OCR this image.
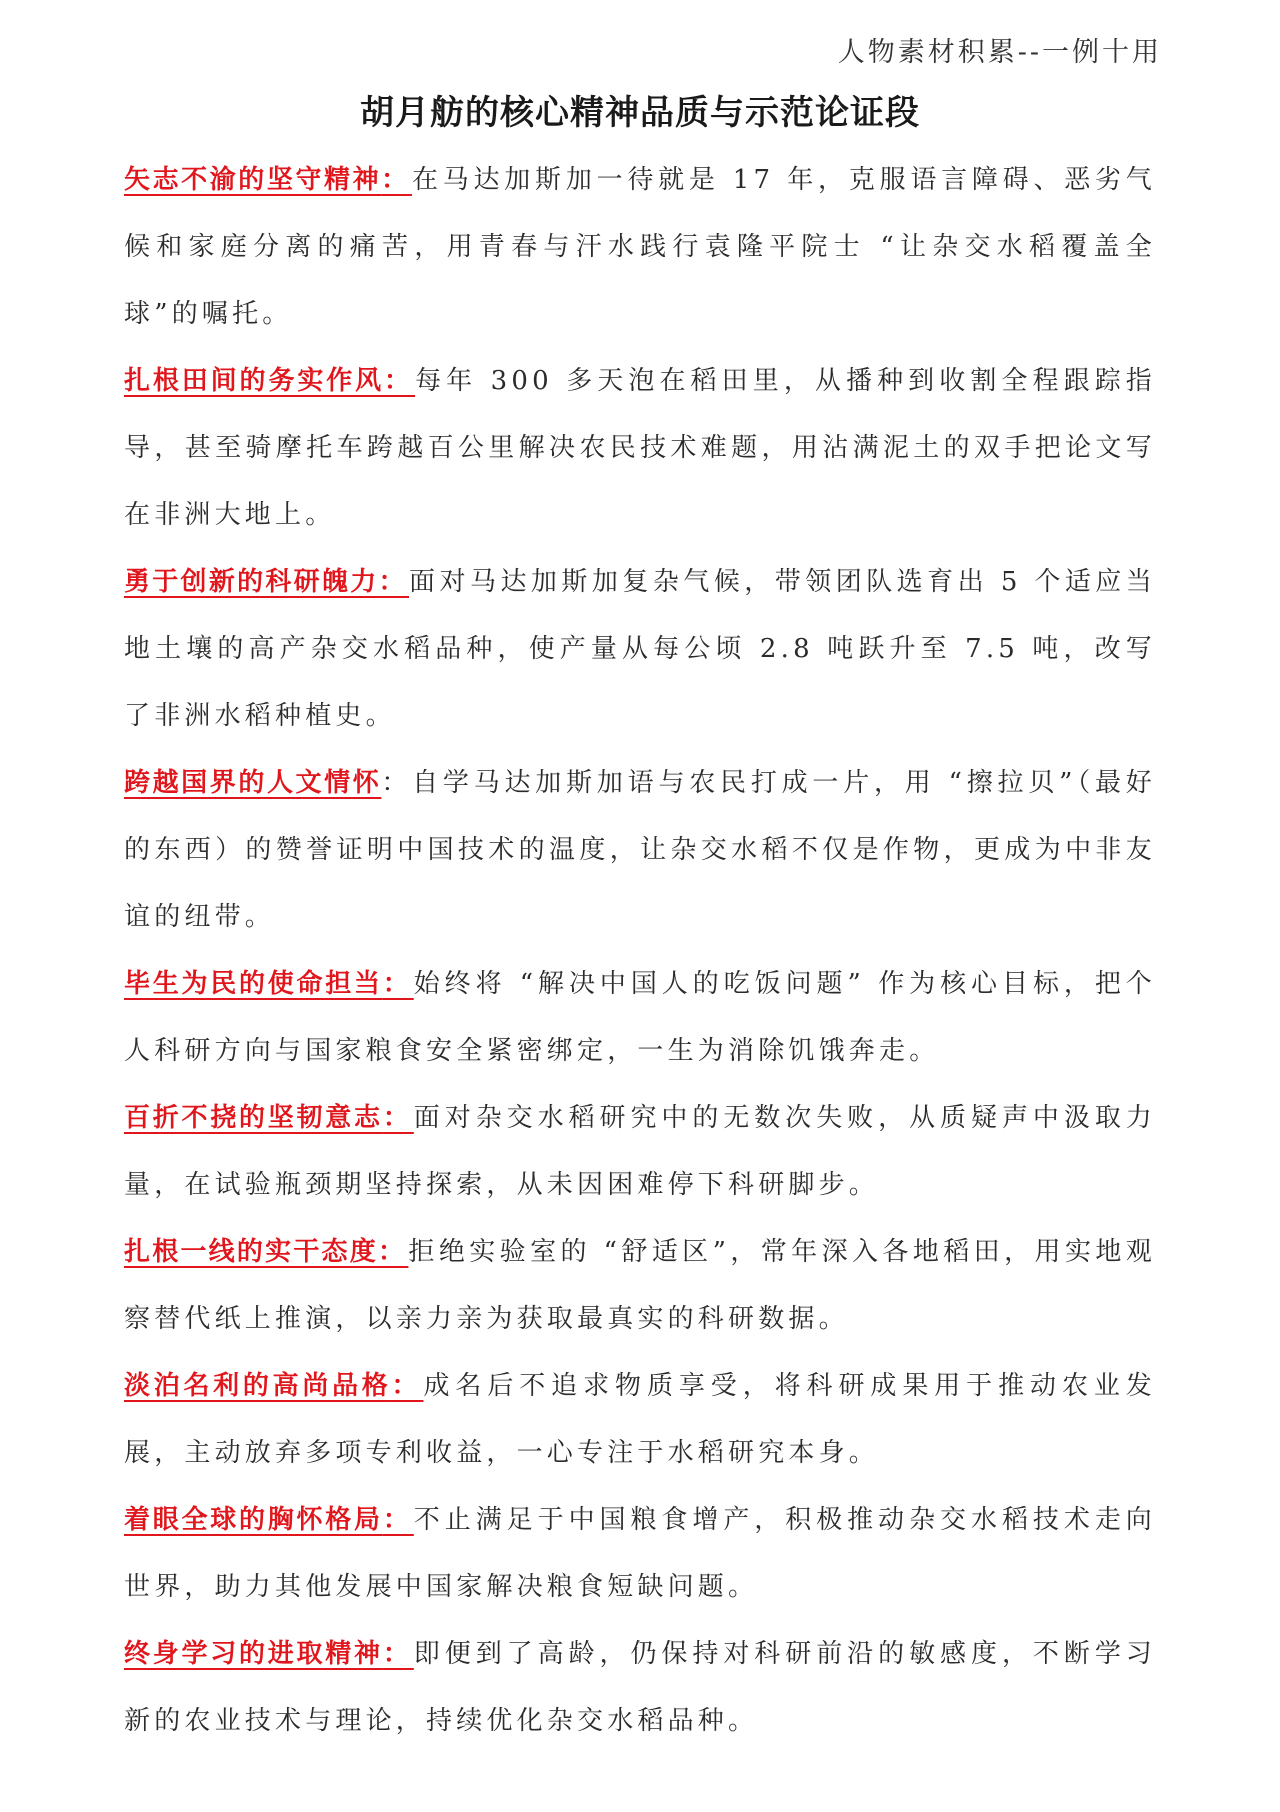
人物素材积累--一例十用
胡月舫的核心精神品质与示范论证段

矢志不渝的坚守精神：在马达加斯加一待就是 17 年，克服语言障碍、恶劣气候和家庭分离的痛苦，用青春与汗水践行袁隆平院士 “让杂交水稻覆盖全球”的嘱托。

扎根田间的务实作风：每年 300 多天泡在稻田里，从播种到收割全程跟踪指导，甚至骑摩托车跨越百公里解决农民技术难题，用沾满泥土的双手把论文写在非洲大地上。

勇于创新的科研魄力：面对马达加斯加复杂气候，带领团队选育出 5 个适应当地土壤的高产杂交水稻品种，使产量从每公顷 2.8 吨跃升至 7.5 吨，改写了非洲水稻种植史。

跨越国界的人文情怀：自学马达加斯加语与农民打成一片，用 “擦拉贝”（最好的东西）的赞誉证明中国技术的温度，让杂交水稻不仅是作物，更成为中非友谊的纽带。

毕生为民的使命担当：始终将 “解决中国人的吃饭问题” 作为核心目标，把个人科研方向与国家粮食安全紧密绑定，一生为消除饥饿奔走。

百折不挠的坚韧意志：面对杂交水稻研究中的无数次失败，从质疑声中汲取力量，在试验瓶颈期坚持探索，从未因困难停下科研脚步。

扎根一线的实干态度：拒绝实验室的 “舒适区”，常年深入各地稻田，用实地观察替代纸上推演，以亲力亲为获取最真实的科研数据。

淡泊名利的高尚品格：成名后不追求物质享受，将科研成果用于推动农业发展，主动放弃多项专利收益，一心专注于水稻研究本身。

着眼全球的胸怀格局：不止满足于中国粮食增产，积极推动杂交水稻技术走向世界，助力其他发展中国家解决粮食短缺问题。

终身学习的进取精神：即便到了高龄，仍保持对科研前沿的敏感度，不断学习新的农业技术与理论，持续优化杂交水稻品种。
